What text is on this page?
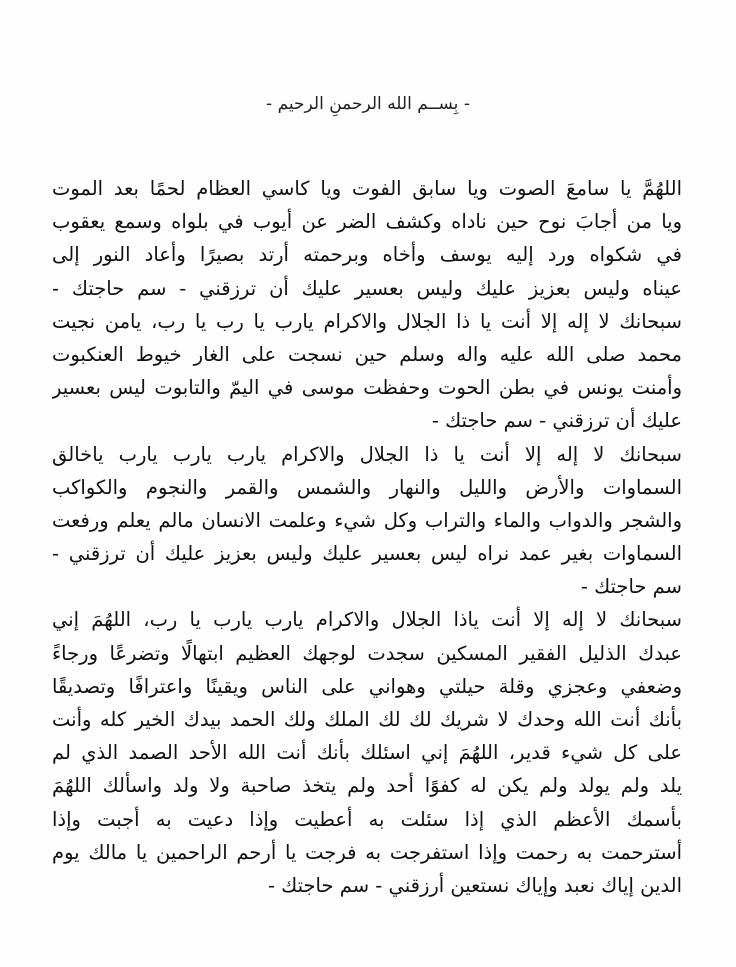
- بِســم الله الرحمنِ الرحيم -
اللهُمَّ يا سامعَ الصوت ويا سابق الفوت ويا كاسي العظام لحمًا بعد الموت
ويا من أجابَ نوح حين ناداه وكشف الضر عن أيوب في بلواه وسمع يعقوب
في شكواه ورد إليه يوسف وأخاه وبرحمته أرتد بصيرًا وأعاد النور إلى
عيناه وليس بعزيز عليك وليس بعسير عليك أن ترزقني - سم حاجتك -
سبحانك لا إله إلا أنت يا ذا الجلال والاكرام يارب يا رب يا رب، يامن نجيت
محمد صلى الله عليه واله وسلم حين نسجت على الغار خيوط العنكبوت
وأمنت يونس في بطن الحوت وحفظت موسى في اليمّ والتابوت ليس بعسير
عليك أن ترزقني - سم حاجتك -
سبحانك لا إله إلا أنت يا ذا الجلال والاكرام يارب يارب يارب ياخالق
السماوات والأرض والليل والنهار والشمس والقمر والنجوم والكواكب
والشجر والدواب والماء والتراب وكل شيء وعلمت الانسان مالم يعلم ورفعت
السماوات بغير عمد نراه ليس بعسير عليك وليس بعزيز عليك أن ترزقني -
سم حاجتك -
سبحانك لا إله إلا أنت ياذا الجلال والاكرام يارب يارب يا رب، اللهُمَ إني
عبدك الذليل الفقير المسكين سجدت لوجهك العظيم ابتهالًا وتضرعًا ورجاءً
وضعفي وعجزي وقلة حيلتي وهواني على الناس ويقينًا واعترافًا وتصديقًا
بأنك أنت الله وحدك لا شريك لك لك الملك ولك الحمد بيدك الخير كله وأنت
على كل شيء قدير، اللهُمَ إني اسئلك بأنك أنت الله الأحد الصمد الذي لم
يلد ولم يولد ولم يكن له كفوًا أحد ولم يتخذ صاحبة ولا ولد واسألك اللهُمَ
بأسمك الأعظم الذي إذا سئلت به أعطيت وإذا دعيت به أجبت وإذا
أسترحمت به رحمت وإذا استفرجت به فرجت يا أرحم الراحمين يا مالك يوم
الدين إياك نعبد وإياك نستعين أرزقني - سم حاجتك -
